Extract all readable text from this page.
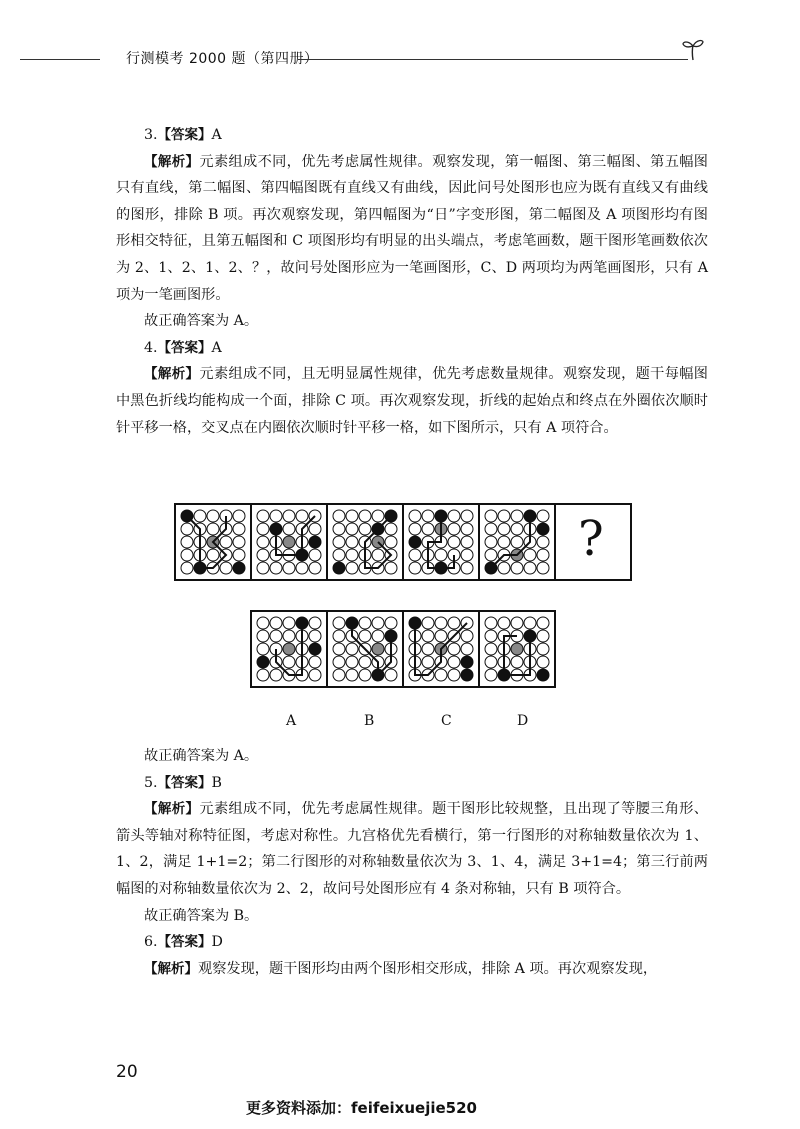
行测模考 2000 题（第四册）

3.【答案】A

【解析】元素组成不同，优先考虑属性规律。观察发现，第一幅图、第三幅图、第五幅图只有直线，第二幅图、第四幅图既有直线又有曲线，因此问号处图形也应为既有直线又有曲线的图形，排除 B 项。再次观察发现，第四幅图为“日”字变形图，第二幅图及 A 项图形均有图形相交特征，且第五幅图和 C 项图形均有明显的出头端点，考虑笔画数，题干图形笔画数依次为 2、1、2、1、2、？，故问号处图形应为一笔画图形，C、D 两项均为两笔画图形，只有 A 项为一笔画图形。

故正确答案为 A。

4.【答案】A

【解析】元素组成不同，且无明显属性规律，优先考虑数量规律。观察发现，题干每幅图中黑色折线均能构成一个面，排除 C 项。再次观察发现，折线的起始点和终点在外圈依次顺时针平移一格，交叉点在内圈依次顺时针平移一格，如下图所示，只有 A 项符合。

?
A	B	C	D

故正确答案为 A。

5.【答案】B

【解析】元素组成不同，优先考虑属性规律。题干图形比较规整，且出现了等腰三角形、箭头等轴对称特征图，考虑对称性。九宫格优先看横行，第一行图形的对称轴数量依次为 1、1、2，满足 1+1=2；第二行图形的对称轴数量依次为 3、1、4，满足 3+1=4；第三行前两幅图的对称轴数量依次为 2、2，故问号处图形应有 4 条对称轴，只有 B 项符合。

故正确答案为 B。

6.【答案】D

【解析】观察发现，题干图形均由两个图形相交形成，排除 A 项。再次观察发现，

20
更多资料添加：feifeixuejie520
